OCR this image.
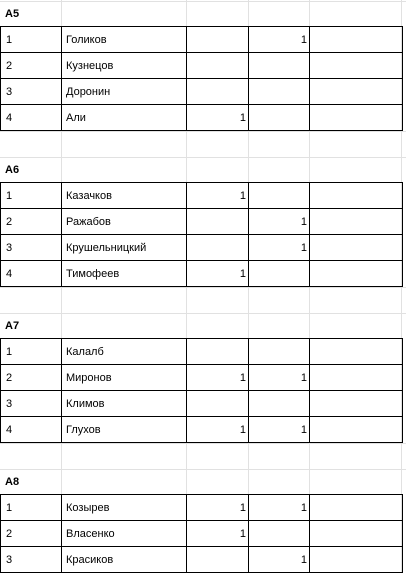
А5
1	Голиков		1	
2	Кузнецов			
3	Доронин			
4	Али	1		
А6
1	Казачков	1		
2	Ражабов		1	
3	Крушельницкий		1	
4	Тимофеев	1		
А7
1	Калалб			
2	Миронов	1	1	
3	Климов			
4	Глухов	1	1	
А8
1	Козырев	1	1	
2	Власенко	1		
3	Красиков		1	
